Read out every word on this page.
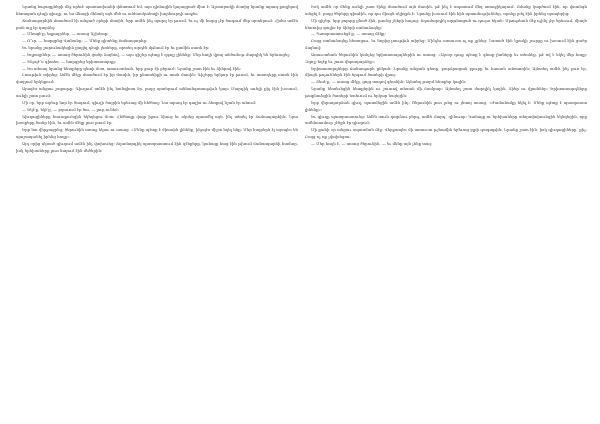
Նրանց հայացքների մէջ որեւէ պատասխանի փնտռում եմ, այս դիմացին կայացրած միտ է։ Աշտարակի մօտից նրանք արագ քայլերով հեռացան դէպի գիւղը, ու ես մնացի մենակ այն մեծ ու անհասկանալի խորհուրդի առջեւ։

Ճանապարհին մտածում էի անցած օրերի մասին, երբ ամէն ինչ պարզ էր թւում, եւ ոչ մի հարց չէր ծագում մեր սրտերում։ Հիմա ամէն բան այլ էր դարձել։

— Մնացէ՛ք, եղբայրներ, — ասաց Աշխէտը։

— Ո՞ւր, — հարցրեց Վանանը։ — Մենք գիտենք ճանապարհը։

Եւ նրանք շարունակեցին քայլել դէպի լեռները, որտեղ արդէն մթնում էր եւ քամին սառն էր։

— Եղբայրներ, — ասաց ծերունին ցածր ձայնով, — այս գիշեր պէտք է զգոյշ լինենք։ Մեր հողի վրայ անծանօթ մարդիկ են երեւացել։

— Ինչպէ՞ս գիտես, — հարցրեց երիտասարդը։

— Ես տեսայ նրանց հետքերը գետի մօտ, առաւօտեան, երբ ջուր էի բերում։ Նրանք շատ էին եւ ձիերով էին։

Լռութիւն տիրեց։ Ամէն մէկը մտածում էր իր մասին, իր ընտանիքի ու տան մասին։ Գիշերը երկար էր թւում, եւ աստղերը սառն էին փայլում երկնքում։

Այսպէս անցաւ շաբաթը։ Գիւղում ամէն ինչ հանգիստ էր, բայց սրտերում անհանգստութիւն կար։ Մարդիկ աւելի քիչ էին խօսում, աւելի շատ լսում։

Մի օր, երբ արեւը նոր էր ծագում, գիւղի ծայրին երեւաց մի հեծեալ։ Նա արագ էր գալիս ու ձեռքով նշան էր անում։

— Եկէ՛ք, եկէ՛ք, — բղաւում էր նա, — լուր ունեմ։

Գիւղացիները հաւաքուեցին եկեղեցու մօտ։ Հեծեալը վայր իջաւ ձիուց եւ սկսեց պատմել այն, ինչ տեսել էր ճանապարհին։ Նրա խօսքերը ծանր էին, եւ ամէն մէկը լուռ լսում էր։

Երբ նա վերջացրեց, ծերունին առաջ եկաւ ու ասաց. «Մենք պէտք է միասին լինենք, ինչպէս միշտ եղել ենք։ Մեր հայրերն էլ այսպէս են պաշտպանել իրենց հողը»։

Այդ օրից սկսած գիւղում ամէն ինչ փոխուեց։ Տղամարդիկ պատրաստում էին զէնքերը, կանայք հաց էին թխում ճանապարհի համար, իսկ երեխաները լուռ նայում էին մեծերին։

Իսկ ամէն օր մենք աւելի շատ էինք մտածում այն մասին, թէ ինչ է սպասում մեզ առաջիկայում։ Ոմանք կարծում էին, որ վտանգն անցել է, բայց ծերերը գիտէին, որ դա միայն սկիզբն է։ Նրանք խօսում էին հին պատմութիւններ, որոնք լսել էին իրենց պապերից։

Մի գիշեր, երբ բոլորը քնած էին, լսուեց շների հաչոց։ Տղամարդիկ արթնացան ու դուրս եկան։ Մթութեան մէջ ոչինչ չէր երեւում, միայն հեռուից գալիս էր ձիերի ոտնաձայնը։

— Պատրաստուեցէ՛ք, — ասաց մէկը։

Բայց ոտնաձայնը հեռացաւ, եւ նորից լռութիւն տիրեց։ Մինչեւ առաւօտ ոչ ոք չքնեց։ Նստած էին կրակի շուրջը ու խօսում էին ցածր ձայնով։

Առաւօտեան ծերունին կանչեց երիտասարդներին ու ասաց. «Այսօր դուք պէտք է գնաք լեռները եւ տեսնէք, թէ ով է եկել մեր հողը։ Զգոյշ եղէք եւ շուտ վերադարձէք»։

Երիտասարդները ճանապարհ ընկան։ Նրանք անցան գետը, բարձրացան բլուրը եւ հասան անտառին։ Այնտեղ ամէն ինչ լուռ էր, միայն թռչուններն էին երգում ծառերի վրայ։

— Տեսէ՛ք, — ասաց մէկը, ցոյց տալով գետնին։ Այնտեղ թարմ հետքեր կային։

Նրանք հետեւեցին հետքերին ու շուտով տեսան մի ճամբար։ Այնտեղ շատ մարդիկ կային, ձիեր ու վրաններ։ Երիտասարդները թաքնուեցին ծառերի ետեւում ու երկար նայեցին։

Երբ վերադարձան գիւղ, պատմեցին ամէն ինչ։ Ծերունին լուռ լսեց ու յետոյ ասաց. «Ժամանակը եկել է։ Մենք պէտք է պատրաստ լինենք»։

Եւ գիւղը պատրաստուեց։ Ամէն տուն դարձաւ բերդ, ամէն մարդ՝ զինուոր։ Կանայք ու երեխաները տեղափոխուեցին եկեղեցին, որը ամենաամուր շէնքն էր գիւղում։

Մի քանի օր անցաւ սպասման մէջ։ Վերջապէս մի առաւօտ թշնամին երեւաց բլրի գագաթին։ Նրանք շատ էին, իսկ գիւղացիները՝ քիչ։ Բայց ոչ ոք չվախեցաւ։

— Մեր հողն է, — ասաց ծերունին, — եւ մենք այն չենք տայ։
